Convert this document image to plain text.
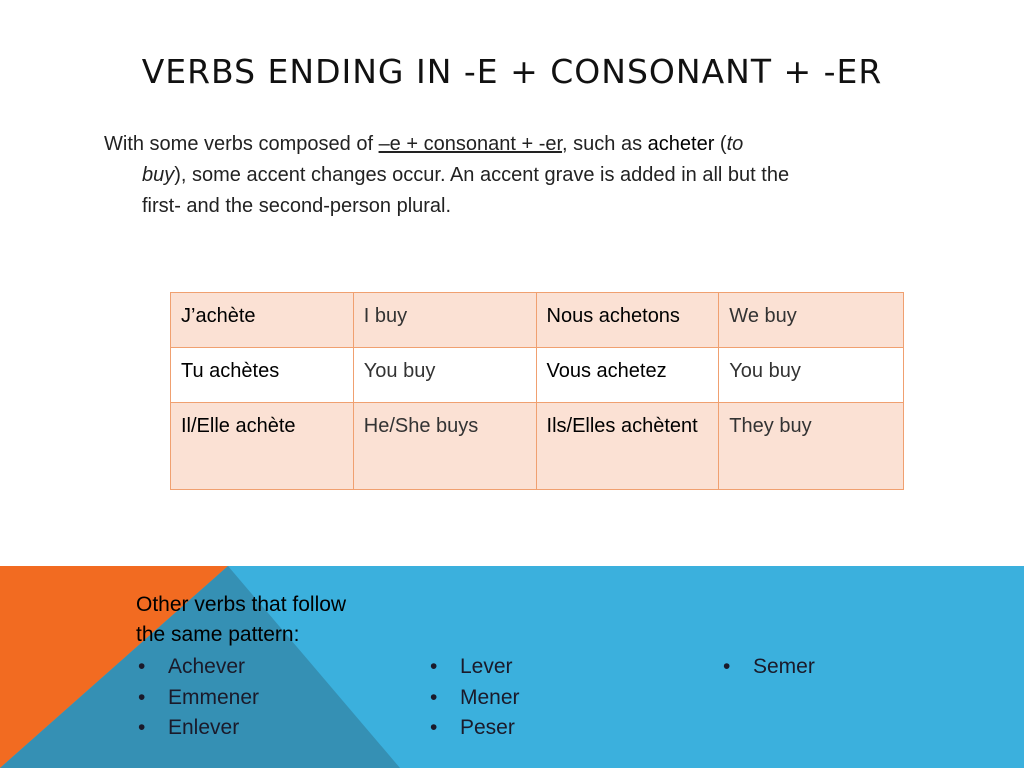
VERBS ENDING IN -E + CONSONANT + -ER
With some verbs composed of –e + consonant + -er, such as acheter (to
buy), some accent changes occur. An accent grave is added in all but the
first- and the second-person plural.
J’achète	I buy	Nous achetons	We buy
Tu achètes	You buy	Vous achetez	You buy
Il/Elle achète	He/She buys	Ils/Elles achètent	They buy
Other verbs that follow
the same pattern:
• Achever
• Emmener
• Enlever
• Lever
• Mener
• Peser
• Semer
